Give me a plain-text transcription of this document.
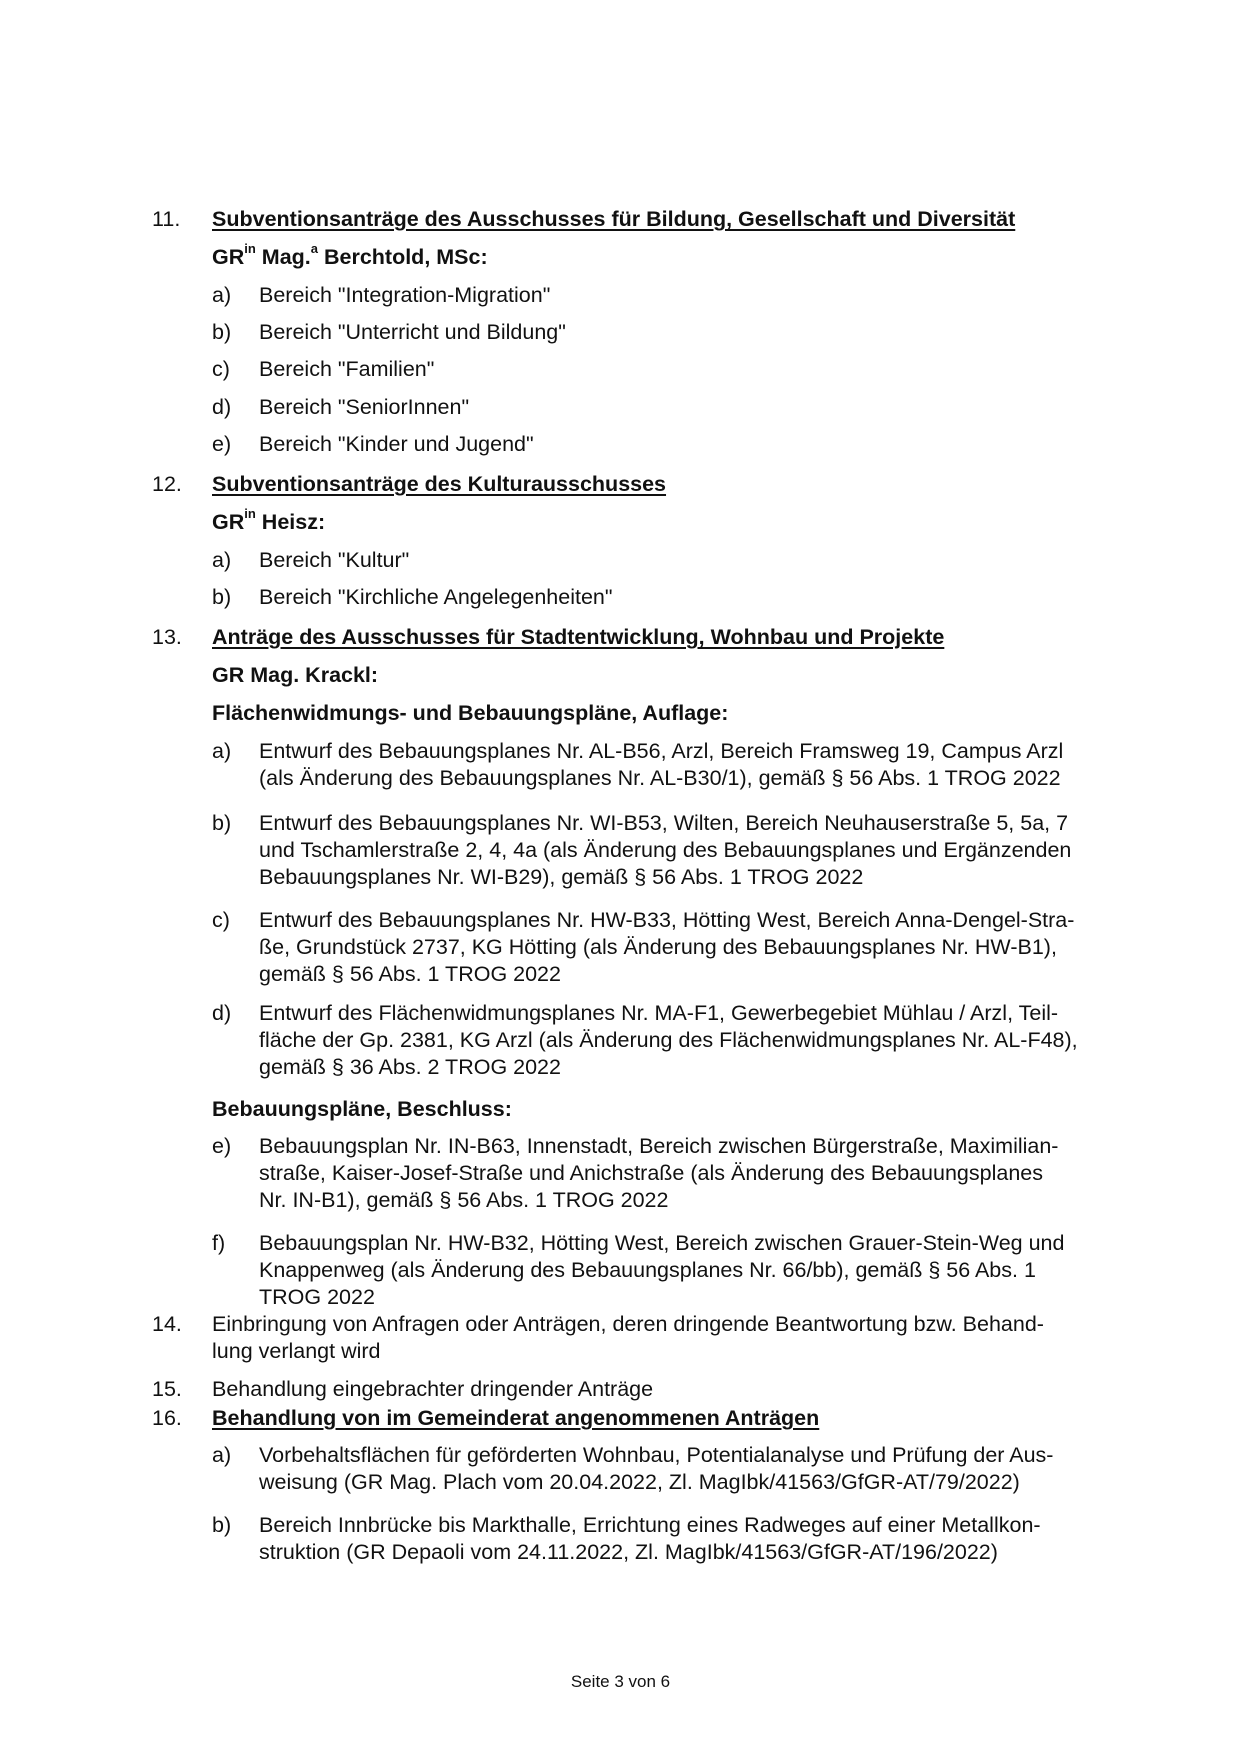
11. Subventionsanträge des Ausschusses für Bildung, Gesellschaft und Diversität
$GR^{in}$ Mag.$^a$ Berchtold, MSc:
a) Bereich "Integration-Migration"
b) Bereich "Unterricht und Bildung"
c) Bereich "Familien"
d) Bereich "SeniorInnen"
e) Bereich "Kinder und Jugend"
12. Subventionsanträge des Kulturausschusses
$GR^{in}$ Heisz:
a) Bereich "Kultur"
b) Bereich "Kirchliche Angelegenheiten"
13. Anträge des Ausschusses für Stadtentwicklung, Wohnbau und Projekte
GR Mag. Krackl:
Flächenwidmungs- und Bebauungspläne, Auflage:
a) Entwurf des Bebauungsplanes Nr. AL-B56, Arzl, Bereich Framsweg 19, Campus Arzl
(als Änderung des Bebauungsplanes Nr. AL-B30/1), gemäß § 56 Abs. 1 TROG 2022
b) Entwurf des Bebauungsplanes Nr. WI-B53, Wilten, Bereich Neuhauserstraße 5, 5a, 7
und Tschamlerstraße 2, 4, 4a (als Änderung des Bebauungsplanes und Ergänzenden
Bebauungsplanes Nr. WI-B29), gemäß § 56 Abs. 1 TROG 2022
c) Entwurf des Bebauungsplanes Nr. HW-B33, Hötting West, Bereich Anna-Dengel-Stra-
ße, Grundstück 2737, KG Hötting (als Änderung des Bebauungsplanes Nr. HW-B1),
gemäß § 56 Abs. 1 TROG 2022
d) Entwurf des Flächenwidmungsplanes Nr. MA-F1, Gewerbegebiet Mühlau / Arzl, Teil-
fläche der Gp. 2381, KG Arzl (als Änderung des Flächenwidmungsplanes Nr. AL-F48),
gemäß § 36 Abs. 2 TROG 2022
Bebauungspläne, Beschluss:
e) Bebauungsplan Nr. IN-B63, Innenstadt, Bereich zwischen Bürgerstraße, Maximilian-
straße, Kaiser-Josef-Straße und Anichstraße (als Änderung des Bebauungsplanes
Nr. IN-B1), gemäß § 56 Abs. 1 TROG 2022
f) Bebauungsplan Nr. HW-B32, Hötting West, Bereich zwischen Grauer-Stein-Weg und
Knappenweg (als Änderung des Bebauungsplanes Nr. 66/bb), gemäß § 56 Abs. 1
TROG 2022
14. Einbringung von Anfragen oder Anträgen, deren dringende Beantwortung bzw. Behand-
lung verlangt wird
15. Behandlung eingebrachter dringender Anträge
16. Behandlung von im Gemeinderat angenommenen Anträgen
a) Vorbehaltsflächen für geförderten Wohnbau, Potentialanalyse und Prüfung der Aus-
weisung (GR Mag. Plach vom 20.04.2022, Zl. MagIbk/41563/GfGR-AT/79/2022)
b) Bereich Innbrücke bis Markthalle, Errichtung eines Radweges auf einer Metallkon-
struktion (GR Depaoli vom 24.11.2022, Zl. MagIbk/41563/GfGR-AT/196/2022)
Seite 3 von 6
